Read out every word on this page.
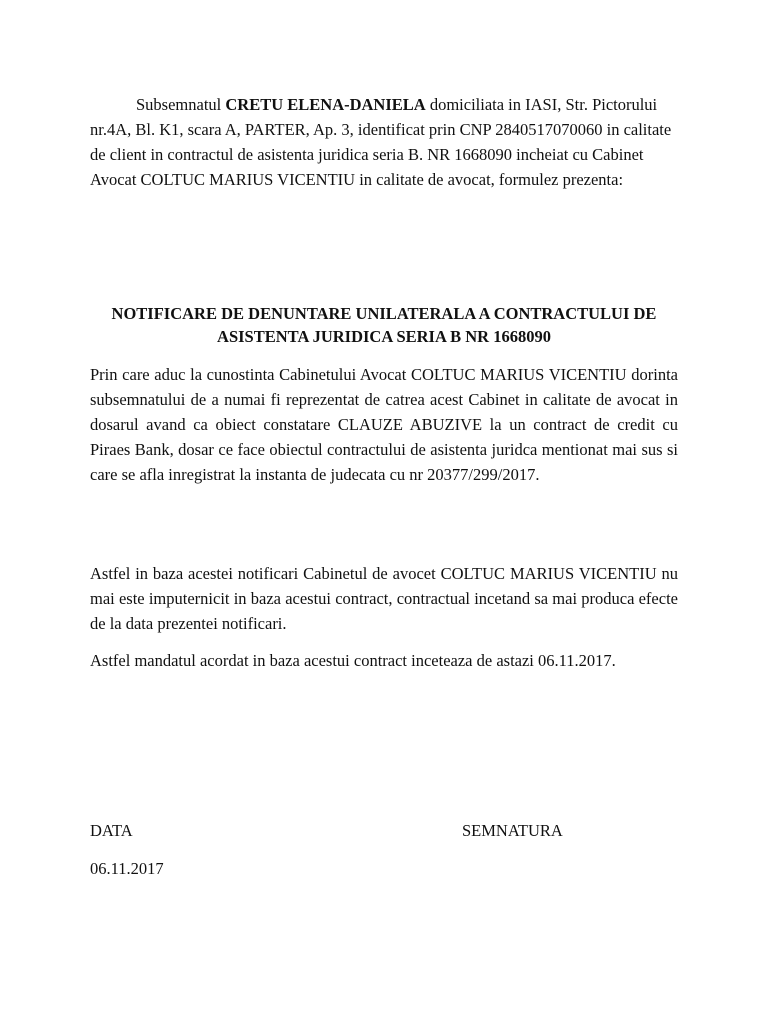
Subsemnatul CRETU ELENA-DANIELA domiciliata in IASI, Str. Pictorului nr.4A, Bl. K1, scara A, PARTER, Ap. 3, identificat prin CNP 2840517070060 in calitate de client in contractul de asistenta juridica seria B. NR 1668090 incheiat cu Cabinet Avocat COLTUC MARIUS VICENTIU in calitate de avocat, formulez prezenta:
NOTIFICARE DE DENUNTARE UNILATERALA A CONTRACTULUI DE
ASISTENTA JURIDICA SERIA B NR 1668090
Prin care aduc la cunostinta Cabinetului Avocat COLTUC MARIUS VICENTIU dorinta subsemnatului de a numai fi reprezentat de catrea acest Cabinet in calitate de avocat in dosarul avand ca obiect constatare CLAUZE ABUZIVE la un contract de credit cu Piraes Bank, dosar ce face obiectul contractului de asistenta juridca mentionat mai sus si care se afla inregistrat la instanta de judecata cu nr 20377/299/2017.
Astfel in baza acestei notificari Cabinetul de avocet COLTUC MARIUS VICENTIU nu mai este imputernicit in baza acestui contract, contractual incetand sa mai produca efecte de la data prezentei notificari.
Astfel mandatul acordat in baza acestui contract inceteaza de astazi 06.11.2017.
DATA	SEMNATURA
06.11.2017
